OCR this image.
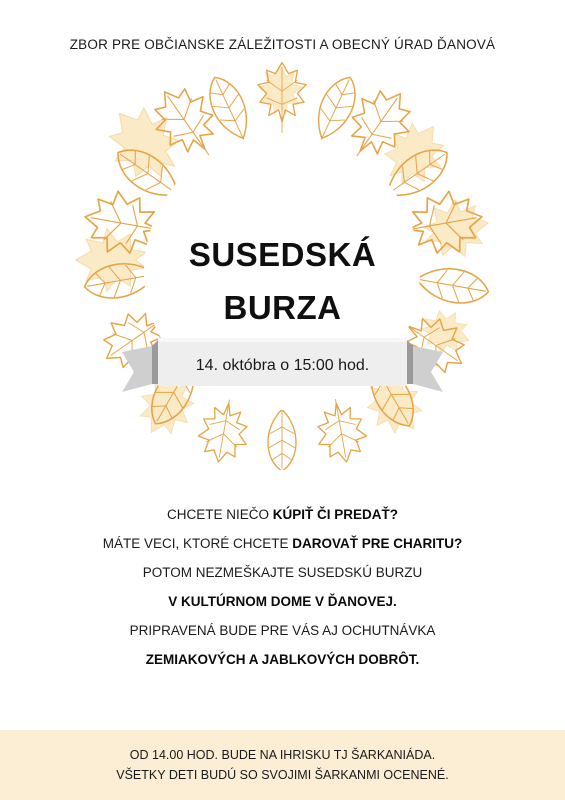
ZBOR PRE OBČIANSKE ZÁLEŽITOSTI A OBECNÝ ÚRAD ĎANOVÁ
SUSEDSKÁ
BURZA
14. októbra o 15:00 hod.
CHCETE NIEČO KÚPIŤ ČI PREDAŤ?
MÁTE VECI, KTORÉ CHCETE DAROVAŤ PRE CHARITU?
POTOM NEZMEŠKAJTE SUSEDSKÚ BURZU
V KULTÚRNOM DOME V ĎANOVEJ.
PRIPRAVENÁ BUDE PRE VÁS AJ OCHUTNÁVKA
ZEMIAKOVÝCH A JABLKOVÝCH DOBRÔT.
OD 14.00 HOD. BUDE NA IHRISKU TJ ŠARKANIÁDA.
VŠETKY DETI BUDÚ SO SVOJIMI ŠARKANMI OCENENÉ.
